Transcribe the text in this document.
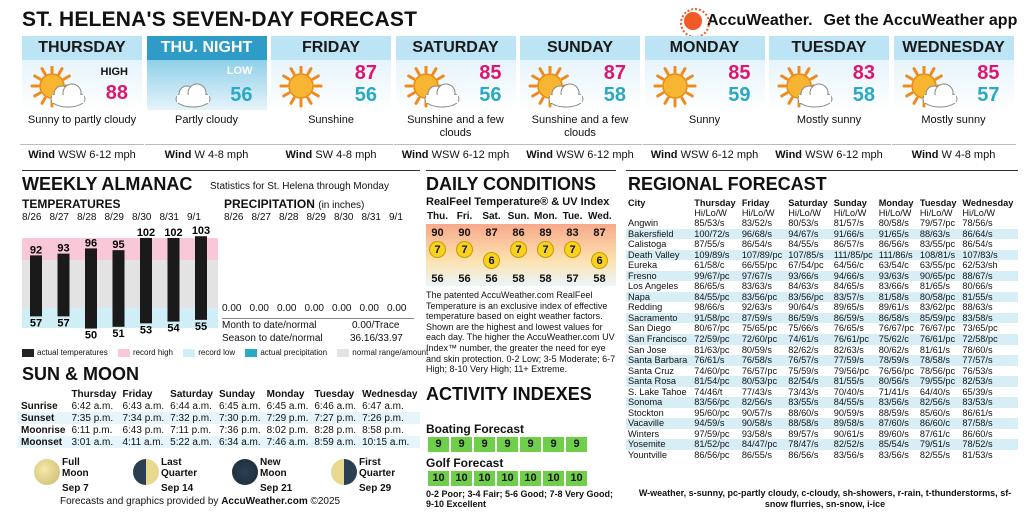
ST. HELENA'S SEVEN-DAY FORECAST	AccuWeather. Get the AccuWeather app
THURSDAY
HIGH
88
Sunny to partly cloudy
Wind WSW 6-12 mph
THU. NIGHT
LOW
56
Partly cloudy
Wind W 4-8 mph
FRIDAY
87
56
Sunshine
Wind SW 4-8 mph
SATURDAY
85
56
Sunshine and a few clouds
Wind WSW 6-12 mph
SUNDAY
87
58
Sunshine and a few clouds
Wind WSW 6-12 mph
MONDAY
85
59
Sunny
Wind WSW 6-12 mph
TUESDAY
83
58
Mostly sunny
Wind WSW 6-12 mph
WEDNESDAY
85
57
Mostly sunny
Wind W 4-8 mph
WEEKLY ALMANAC Statistics for St. Helena through Monday
TEMPERATURES	PRECIPITATION (in inches)
8/26 8/27 8/28 8/29 8/30 8/31 9/1 8/26 8/27 8/28 8/29 8/30 8/31 9/1
92
57
93
57
96
50
95
51
102
53
102
54
103
55
0.00 0.00 0.00 0.00 0.00 0.00 0.00
Month to date/normal	0.00/Trace
Season to date/normal	36.16/33.97
actual temperatures	record high	record low	actual precipitation	normal range/amount
SUN & MOON
	Thursday	Friday	Saturday	Sunday	Monday	Tuesday	Wednesday
Sunrise	6:42 a.m.	6:43 a.m.	6:44 a.m.	6:45 a.m.	6:45 a.m.	6:46 a.m.	6:47 a.m.
Sunset	7:35 p.m.	7:34 p.m.	7:32 p.m.	7:30 p.m.	7:29 p.m.	7:27 p.m.	7:26 p.m.
Moonrise	6:11 p.m.	6:43 p.m.	7:11 p.m.	7:36 p.m.	8:02 p.m.	8:28 p.m.	8:58 p.m.
Moonset	3:01 a.m.	4:11 a.m.	5:22 a.m.	6:34 a.m.	7:46 a.m.	8:59 a.m.	10:15 a.m.
Full Moon
Sep 7
Last Quarter
Sep 14
New Moon
Sep 21
First Quarter
Sep 29
Forecasts and graphics provided by AccuWeather.com ©2025
DAILY CONDITIONS
RealFeel Temperature® & UV Index
Thu.
90
7
56
Fri.
90
7
56
Sat.
87
6
56
Sun.
86
7
58
Mon.
89
7
58
Tue.
83
7
57
Wed.
87
6
58
The patented AccuWeather.com RealFeel Temperature is an exclusive index of effective temperature based on eight weather factors. Shown are the highest and lowest values for each day. The higher the AccuWeather.com UV Index™ number, the greater the need for eye and skin protection. 0-2 Low; 3-5 Moderate; 6-7 High; 8-10 Very High; 11+ Extreme.
ACTIVITY INDEXES
Boating Forecast
9	9	9	9	9	9	9
Golf Forecast
10 10 10 10 10 10 10
0-2 Poor; 3-4 Fair; 5-6 Good; 7-8 Very Good; 9-10 Excellent
REGIONAL FORECAST
City	Thursday	Friday	Saturday	Sunday	Monday	Tuesday	Wednesday
	Hi/Lo/W	Hi/Lo/W	Hi/Lo/W	Hi/Lo/W	Hi/Lo/W	Hi/Lo/W	Hi/Lo/W
Angwin	85/53/s	83/52/s	80/53/s	81/57/s	80/58/s	79/57/pc	78/56/s
Bakersfield	100/72/s	96/68/s	94/67/s	91/66/s	91/65/s	88/63/s	86/64/s
Calistoga	87/55/s	86/54/s	84/55/s	86/57/s	86/56/s	83/55/pc	86/54/s
Death Valley	109/89/s	107/89/pc	107/85/s	111/85/pc	111/86/s	108/81/s	107/83/s
Eureka	61/58/c	66/55/pc	67/54/pc	64/56/c	63/54/c	63/55/pc	62/53/sh
Fresno	99/67/pc	97/67/s	93/66/s	94/66/s	93/63/s	90/65/pc	88/67/s
Los Angeles	86/65/s	83/63/s	84/63/s	84/65/s	83/66/s	81/65/s	80/66/s
Napa	84/55/pc	83/56/pc	83/56/pc	83/57/s	81/58/s	80/58/pc	81/55/s
Redding	98/66/s	92/63/s	90/64/s	89/65/s	89/61/s	83/62/pc	88/63/s
Sacramento	91/58/pc	87/59/s	86/59/s	86/59/s	86/58/s	85/59/pc	83/58/s
San Diego	80/67/pc	75/65/pc	75/66/s	76/65/s	76/67/pc	76/67/pc	73/65/pc
San Francisco	72/59/pc	72/60/pc	74/61/s	76/61/pc	75/62/c	76/61/pc	72/58/pc
San Jose	81/63/pc	80/59/s	82/62/s	82/63/s	80/62/s	81/61/s	78/60/s
Santa Barbara	76/61/s	76/58/s	76/57/s	77/59/s	78/59/s	78/58/s	77/57/s
Santa Cruz	74/60/pc	76/57/pc	75/59/s	79/56/pc	76/56/pc	78/56/pc	76/53/s
Santa Rosa	81/54/pc	80/53/pc	82/54/s	81/55/s	80/56/s	79/55/pc	82/53/s
S. Lake Tahoe	74/46/t	77/43/s	73/43/s	70/40/s	71/41/s	64/40/s	65/39/s
Sonoma	83/56/pc	82/56/s	83/55/s	84/55/s	83/56/s	82/56/s	83/53/s
Stockton	95/60/pc	90/57/s	88/60/s	90/59/s	88/59/s	85/60/s	86/61/s
Vacaville	94/59/s	90/58/s	88/58/s	89/58/s	87/60/s	86/60/c	87/58/s
Winters	97/59/pc	93/58/s	89/57/s	90/61/s	89/60/s	87/61/c	86/60/s
Yosemite	81/52/pc	84/47/pc	78/47/s	82/52/s	85/54/s	79/51/s	78/52/s
Yountville	86/56/pc	86/55/s	86/56/s	83/56/s	83/56/s	82/55/s	81/53/s
W-weather, s-sunny, pc-partly cloudy, c-cloudy, sh-showers, r-rain, t-thunderstorms, sf-snow flurries, sn-snow, i-ice
